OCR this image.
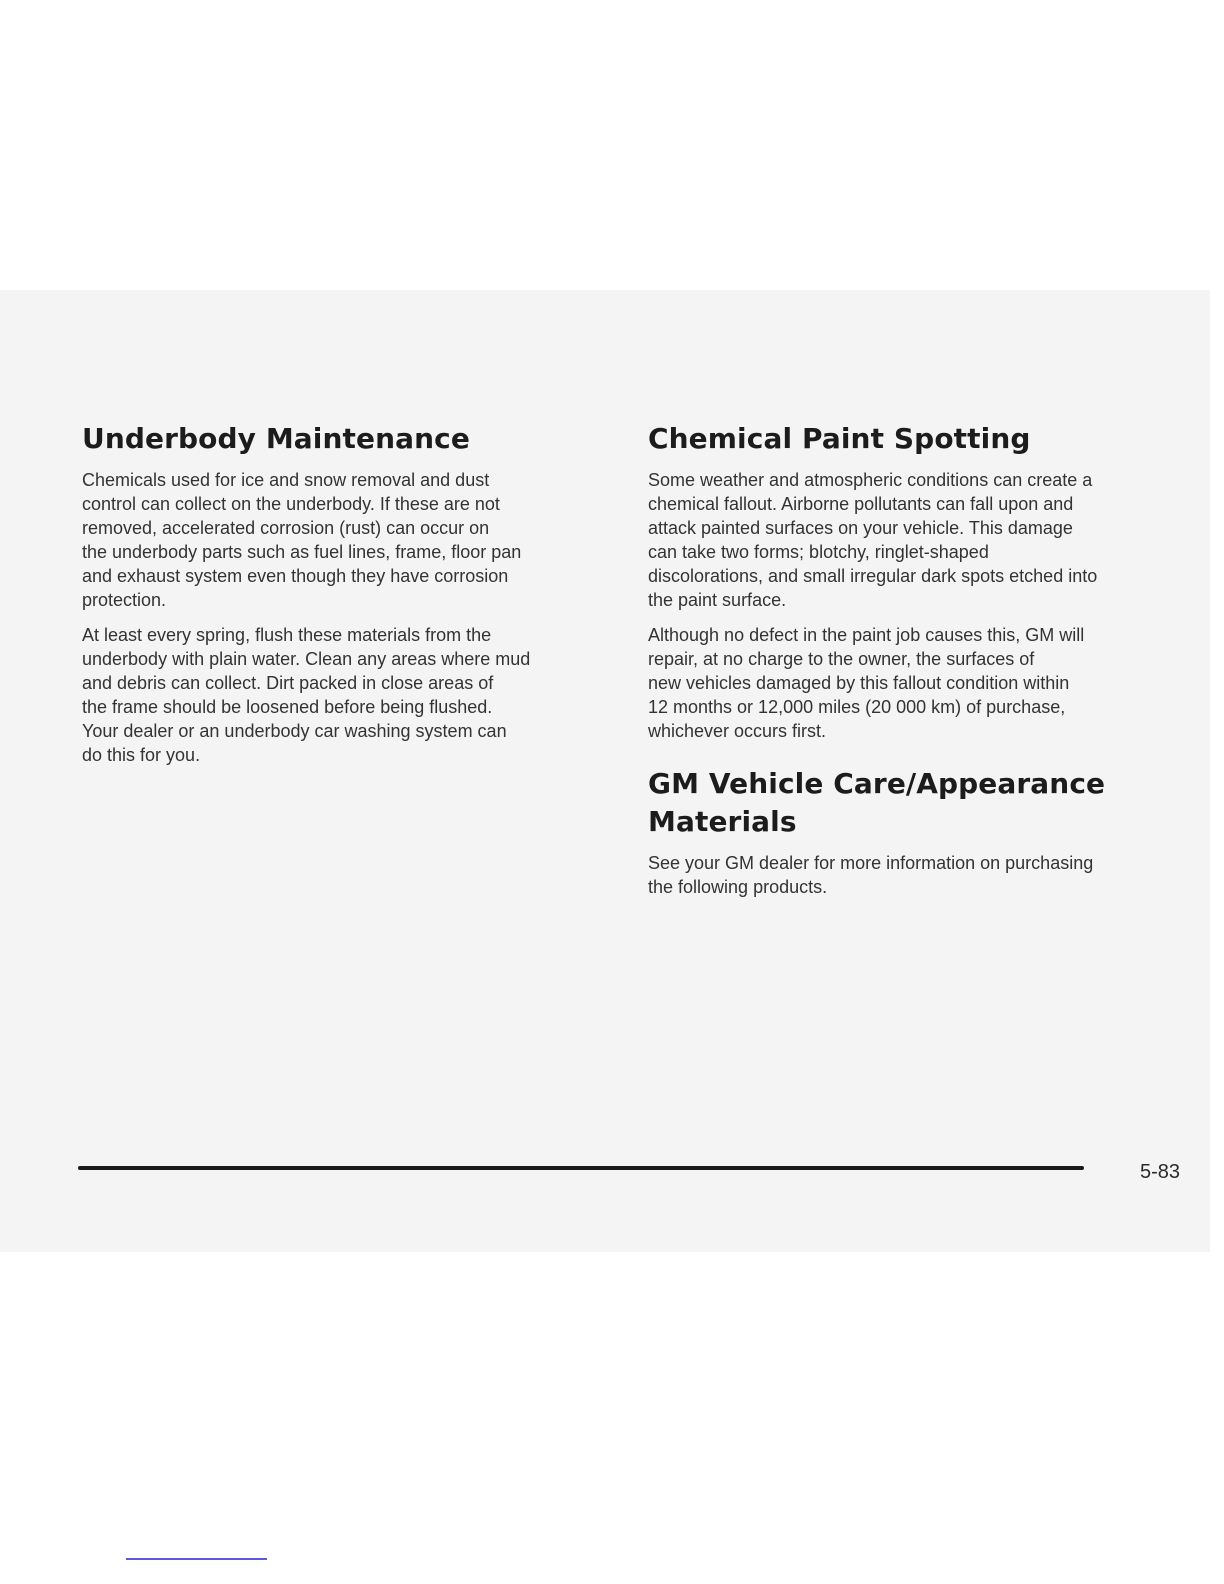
Underbody Maintenance

Chemicals used for ice and snow removal and dust
control can collect on the underbody. If these are not
removed, accelerated corrosion (rust) can occur on
the underbody parts such as fuel lines, frame, floor pan
and exhaust system even though they have corrosion
protection.

At least every spring, flush these materials from the
underbody with plain water. Clean any areas where mud
and debris can collect. Dirt packed in close areas of
the frame should be loosened before being flushed.
Your dealer or an underbody car washing system can
do this for you.

Chemical Paint Spotting

Some weather and atmospheric conditions can create a
chemical fallout. Airborne pollutants can fall upon and
attack painted surfaces on your vehicle. This damage
can take two forms; blotchy, ringlet-shaped
discolorations, and small irregular dark spots etched into
the paint surface.

Although no defect in the paint job causes this, GM will
repair, at no charge to the owner, the surfaces of
new vehicles damaged by this fallout condition within
12 months or 12,000 miles (20 000 km) of purchase,
whichever occurs first.

GM Vehicle Care/Appearance
Materials

See your GM dealer for more information on purchasing
the following products.

5-83
